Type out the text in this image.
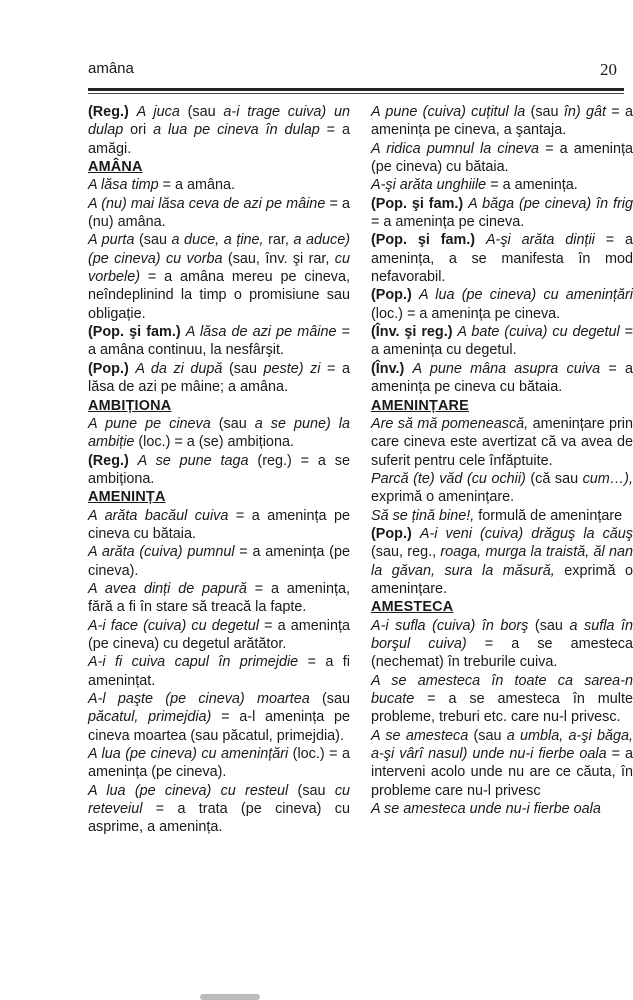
amâna	20

(Reg.) A juca (sau a-i trage cuiva) un dulap ori a lua pe cineva în dulap = a amăgi.

AMÂNA

A lăsa timp = a amâna.

A (nu) mai lăsa ceva de azi pe mâine = a (nu) amâna.

A purta (sau a duce, a ține, rar, a aduce) (pe cineva) cu vorba (sau, înv. şi rar, cu vorbele) = a amâna mereu pe cineva, neîndeplinind la timp o promisiune sau obligație.

(Pop. şi fam.) A lăsa de azi pe mâine = a amâna continuu, la nesfârşit.

(Pop.) A da zi după (sau peste) zi = a lăsa de azi pe mâine; a amâna.

AMBIȚIONA

A pune pe cineva (sau a se pune) la ambiție (loc.) = a (se) ambiționa.

(Reg.) A se pune taga (reg.) = a se ambiționa.

AMENINȚA

A arăta bacăul cuiva = a amenința pe cineva cu bătaia.

A arăta (cuiva) pumnul = a amenința (pe cineva).

A avea dinți de papură = a amenința, fără a fi în stare să treacă la fapte.

A-i face (cuiva) cu degetul = a amenința (pe cineva) cu degetul arătător.

A-i fi cuiva capul în primejdie = a fi amenințat.

A-l paşte (pe cineva) moartea (sau păcatul, primejdia) = a-l amenința pe cineva moartea (sau păcatul, primejdia).

A lua (pe cineva) cu amenințări (loc.) = a amenința (pe cineva).

A lua (pe cineva) cu resteul (sau cu reteveiul = a trata (pe cineva) cu asprime, a amenința.

A pune (cuiva) cuțitul la (sau în) gât = a amenința pe cineva, a şantaja.

A ridica pumnul la cineva = a amenința (pe cineva) cu bătaia.

A-şi arăta unghiile = a amenința.

(Pop. şi fam.) A băga (pe cineva) în frig = a amenința pe cineva.

(Pop. şi fam.) A-şi arăta dinții = a amenința, a se manifesta în mod nefavorabil.

(Pop.) A lua (pe cineva) cu amenințări (loc.) = a amenința pe cineva.

(Înv. şi reg.) A bate (cuiva) cu degetul = a amenința cu degetul.

(Înv.) A pune mâna asupra cuiva = a amenința pe cineva cu bătaia.

AMENINȚARE

Are să mă pomenească, amenințare prin care cineva este avertizat că va avea de suferit pentru cele înfăptuite.

Parcă (te) văd (cu ochii) (că sau cum…), exprimă o amenințare.

Să se țină bine!, formulă de amenințare

(Pop.) A-i veni (cuiva) drăguş la căuş (sau, reg., roaga, murga la traistă, ăl nan la găvan, sura la măsură, exprimă o amenințare.

AMESTECA

A-i sufla (cuiva) în borş (sau a sufla în borşul cuiva) = a se amesteca (nechemat) în treburile cuiva.

A se amesteca în toate ca sarea-n bucate = a se amesteca în multe probleme, treburi etc. care nu-l privesc.

A se amesteca (sau a umbla, a-şi băga, a-şi vârî nasul) unde nu-i fierbe oala = a interveni acolo unde nu are ce căuta, în probleme care nu-l privesc

A se amesteca unde nu-i fierbe oala
